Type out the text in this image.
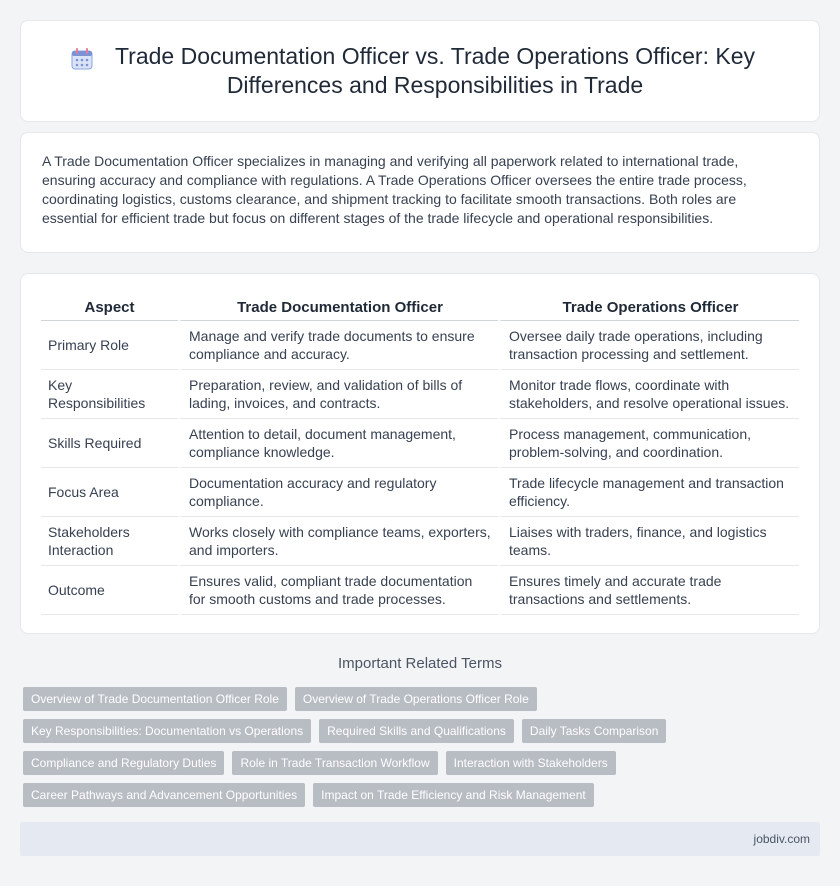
Trade Documentation Officer vs. Trade Operations Officer: Key Differences and Responsibilities in Trade

A Trade Documentation Officer specializes in managing and verifying all paperwork related to international trade, ensuring accuracy and compliance with regulations. A Trade Operations Officer oversees the entire trade process, coordinating logistics, customs clearance, and shipment tracking to facilitate smooth transactions. Both roles are essential for efficient trade but focus on different stages of the trade lifecycle and operational responsibilities.

Aspect	Trade Documentation Officer	Trade Operations Officer
Primary Role	Manage and verify trade documents to ensure compliance and accuracy.	Oversee daily trade operations, including transaction processing and settlement.
Key Responsibilities	Preparation, review, and validation of bills of lading, invoices, and contracts.	Monitor trade flows, coordinate with stakeholders, and resolve operational issues.
Skills Required	Attention to detail, document management, compliance knowledge.	Process management, communication, problem-solving, and coordination.
Focus Area	Documentation accuracy and regulatory compliance.	Trade lifecycle management and transaction efficiency.
Stakeholders Interaction	Works closely with compliance teams, exporters, and importers.	Liaises with traders, finance, and logistics teams.
Outcome	Ensures valid, compliant trade documentation for smooth customs and trade processes.	Ensures timely and accurate trade transactions and settlements.
Important Related Terms
Overview of Trade Documentation Officer Role	Overview of Trade Operations Officer Role
Key Responsibilities: Documentation vs Operations	Required Skills and Qualifications	Daily Tasks Comparison
Compliance and Regulatory Duties	Role in Trade Transaction Workflow	Interaction with Stakeholders
Career Pathways and Advancement Opportunities	Impact on Trade Efficiency and Risk Management
jobdiv.com
